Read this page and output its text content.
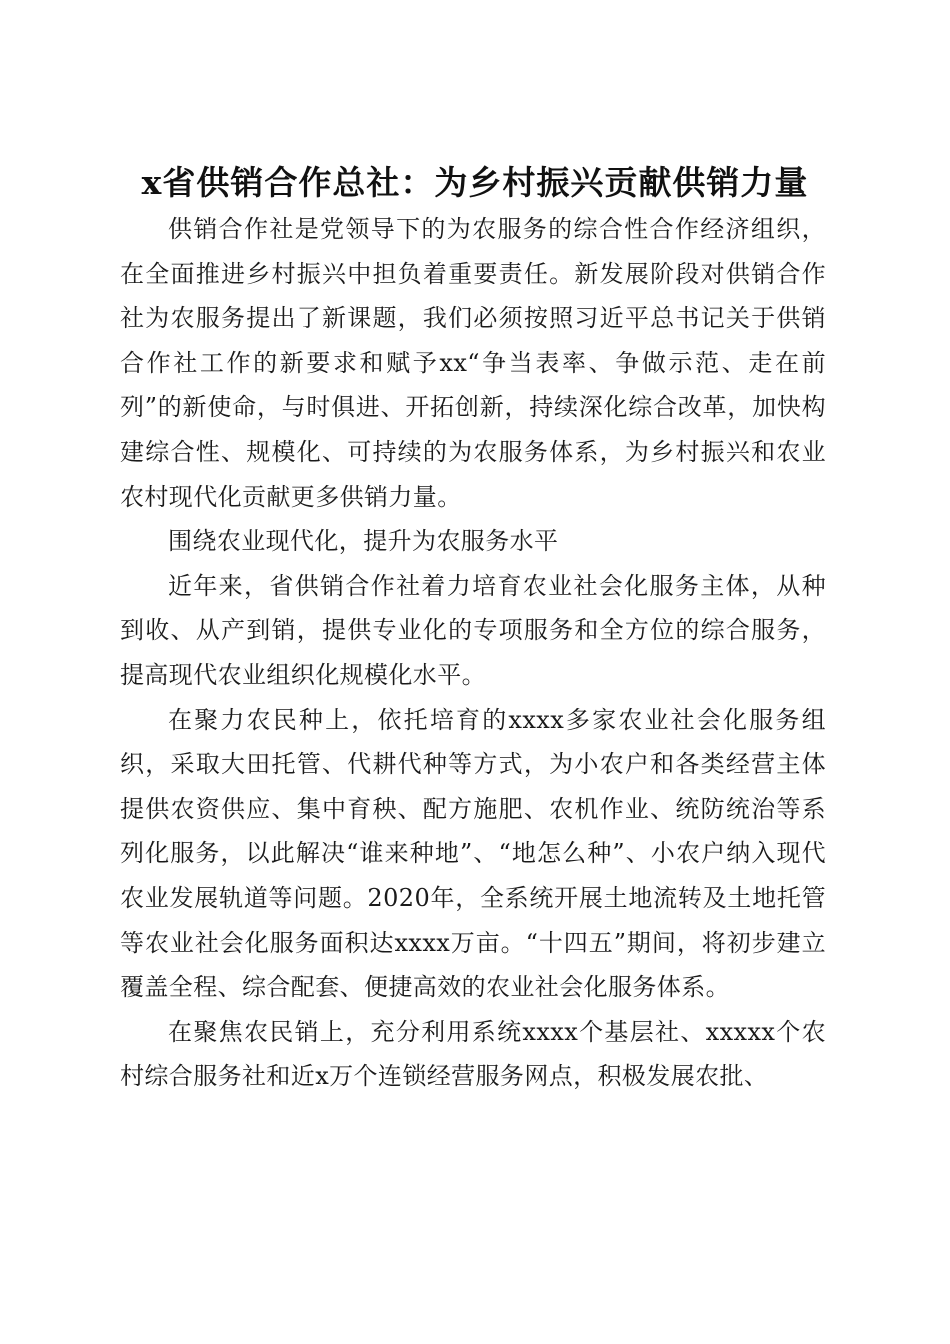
x省供销合作总社：为乡村振兴贡献供销力量

供销合作社是党领导下的为农服务的综合性合作经济组织，在全面推进乡村振兴中担负着重要责任。新发展阶段对供销合作社为农服务提出了新课题，我们必须按照习近平总书记关于供销合作社工作的新要求和赋予xx“争当表率、争做示范、走在前列”的新使命，与时俱进、开拓创新，持续深化综合改革，加快构建综合性、规模化、可持续的为农服务体系，为乡村振兴和农业农村现代化贡献更多供销力量。

围绕农业现代化，提升为农服务水平

近年来，省供销合作社着力培育农业社会化服务主体，从种到收、从产到销，提供专业化的专项服务和全方位的综合服务，提高现代农业组织化规模化水平。

在聚力农民种上，依托培育的xxxx多家农业社会化服务组织，采取大田托管、代耕代种等方式，为小农户和各类经营主体提供农资供应、集中育秧、配方施肥、农机作业、统防统治等系列化服务，以此解决“谁来种地”、“地怎么种”、小农户纳入现代农业发展轨道等问题。2020年，全系统开展土地流转及土地托管等农业社会化服务面积达xxxx万亩。“十四五”期间，将初步建立覆盖全程、综合配套、便捷高效的农业社会化服务体系。

在聚焦农民销上，充分利用系统xxxx个基层社、xxxxx个农村综合服务社和近x万个连锁经营服务网点，积极发展农批、
